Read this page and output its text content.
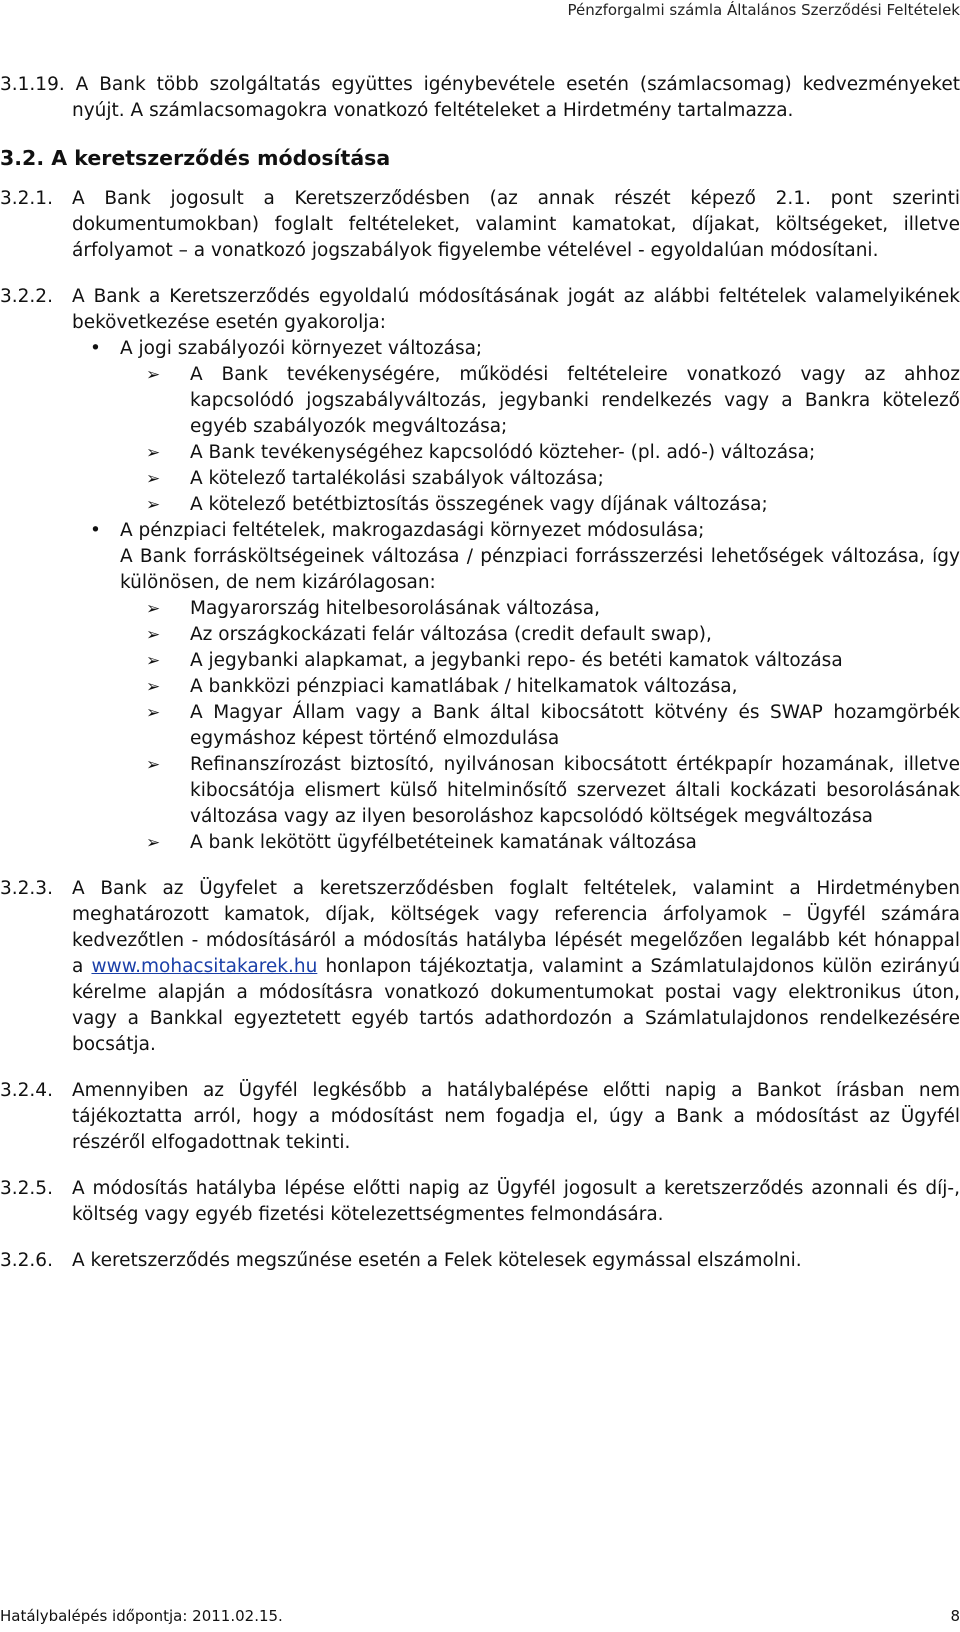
Pénzforgalmi számla Általános Szerződési Feltételek

3.1.19. A Bank több szolgáltatás együttes igénybevétele esetén (számlacsomag) kedvezményeket nyújt. A számlacsomagokra vonatkozó feltételeket a Hirdetmény tartalmazza.

3.2. A keretszerződés módosítása
3.2.1. A Bank jogosult a Keretszerződésben (az annak részét képező 2.1. pont szerinti dokumentumokban) foglalt feltételeket, valamint kamatokat, díjakat, költségeket, illetve árfolyamot – a vonatkozó jogszabályok figyelembe vételével - egyoldalúan módosítani.
3.2.2. A Bank a Keretszerződés egyoldalú módosításának jogát az alábbi feltételek valamelyikének bekövetkezése esetén gyakorolja:
• A jogi szabályozói környezet változása;
➢ A Bank tevékenységére, működési feltételeire vonatkozó vagy az ahhoz kapcsolódó jogszabályváltozás, jegybanki rendelkezés vagy a Bankra kötelező egyéb szabályozók megváltozása;
➢ A Bank tevékenységéhez kapcsolódó közteher- (pl. adó-) változása;
➢ A kötelező tartalékolási szabályok változása;
➢ A kötelező betétbiztosítás összegének vagy díjának változása;
• A pénzpiaci feltételek, makrogazdasági környezet módosulása;
A Bank forrásköltségeinek változása / pénzpiaci forrásszerzési lehetőségek változása, így különösen, de nem kizárólagosan:
➢ Magyarország hitelbesorolásának változása,
➢ Az országkockázati felár változása (credit default swap),
➢ A jegybanki alapkamat, a jegybanki repo- és betéti kamatok változása
➢ A bankközi pénzpiaci kamatlábak / hitelkamatok változása,
➢ A Magyar Állam vagy a Bank által kibocsátott kötvény és SWAP hozamgörbék egymáshoz képest történő elmozdulása
➢ Refinanszírozást biztosító, nyilvánosan kibocsátott értékpapír hozamának, illetve kibocsátója elismert külső hitelminősítő szervezet általi kockázati besorolásának változása vagy az ilyen besoroláshoz kapcsolódó költségek megváltozása
➢ A bank lekötött ügyfélbetéteinek kamatának változása
3.2.3. A Bank az Ügyfelet a keretszerződésben foglalt feltételek, valamint a Hirdetményben meghatározott kamatok, díjak, költségek vagy referencia árfolyamok – Ügyfél számára kedvezőtlen - módosításáról a módosítás hatályba lépését megelőzően legalább két hónappal a www.mohacsitakarek.hu honlapon tájékoztatja, valamint a Számlatulajdonos külön ezirányú kérelme alapján a módosításra vonatkozó dokumentumokat postai vagy elektronikus úton, vagy a Bankkal egyeztetett egyéb tartós adathordozón a Számlatulajdonos rendelkezésére bocsátja.
3.2.4. Amennyiben az Ügyfél legkésőbb a hatálybalépése előtti napig a Bankot írásban nem tájékoztatta arról, hogy a módosítást nem fogadja el, úgy a Bank a módosítást az Ügyfél részéről elfogadottnak tekinti.
3.2.5. A módosítás hatályba lépése előtti napig az Ügyfél jogosult a keretszerződés azonnali és díj-, költség vagy egyéb fizetési kötelezettségmentes felmondására.
3.2.6. A keretszerződés megszűnése esetén a Felek kötelesek egymással elszámolni.
Hatálybalépés időpontja: 2011.02.15.	8
